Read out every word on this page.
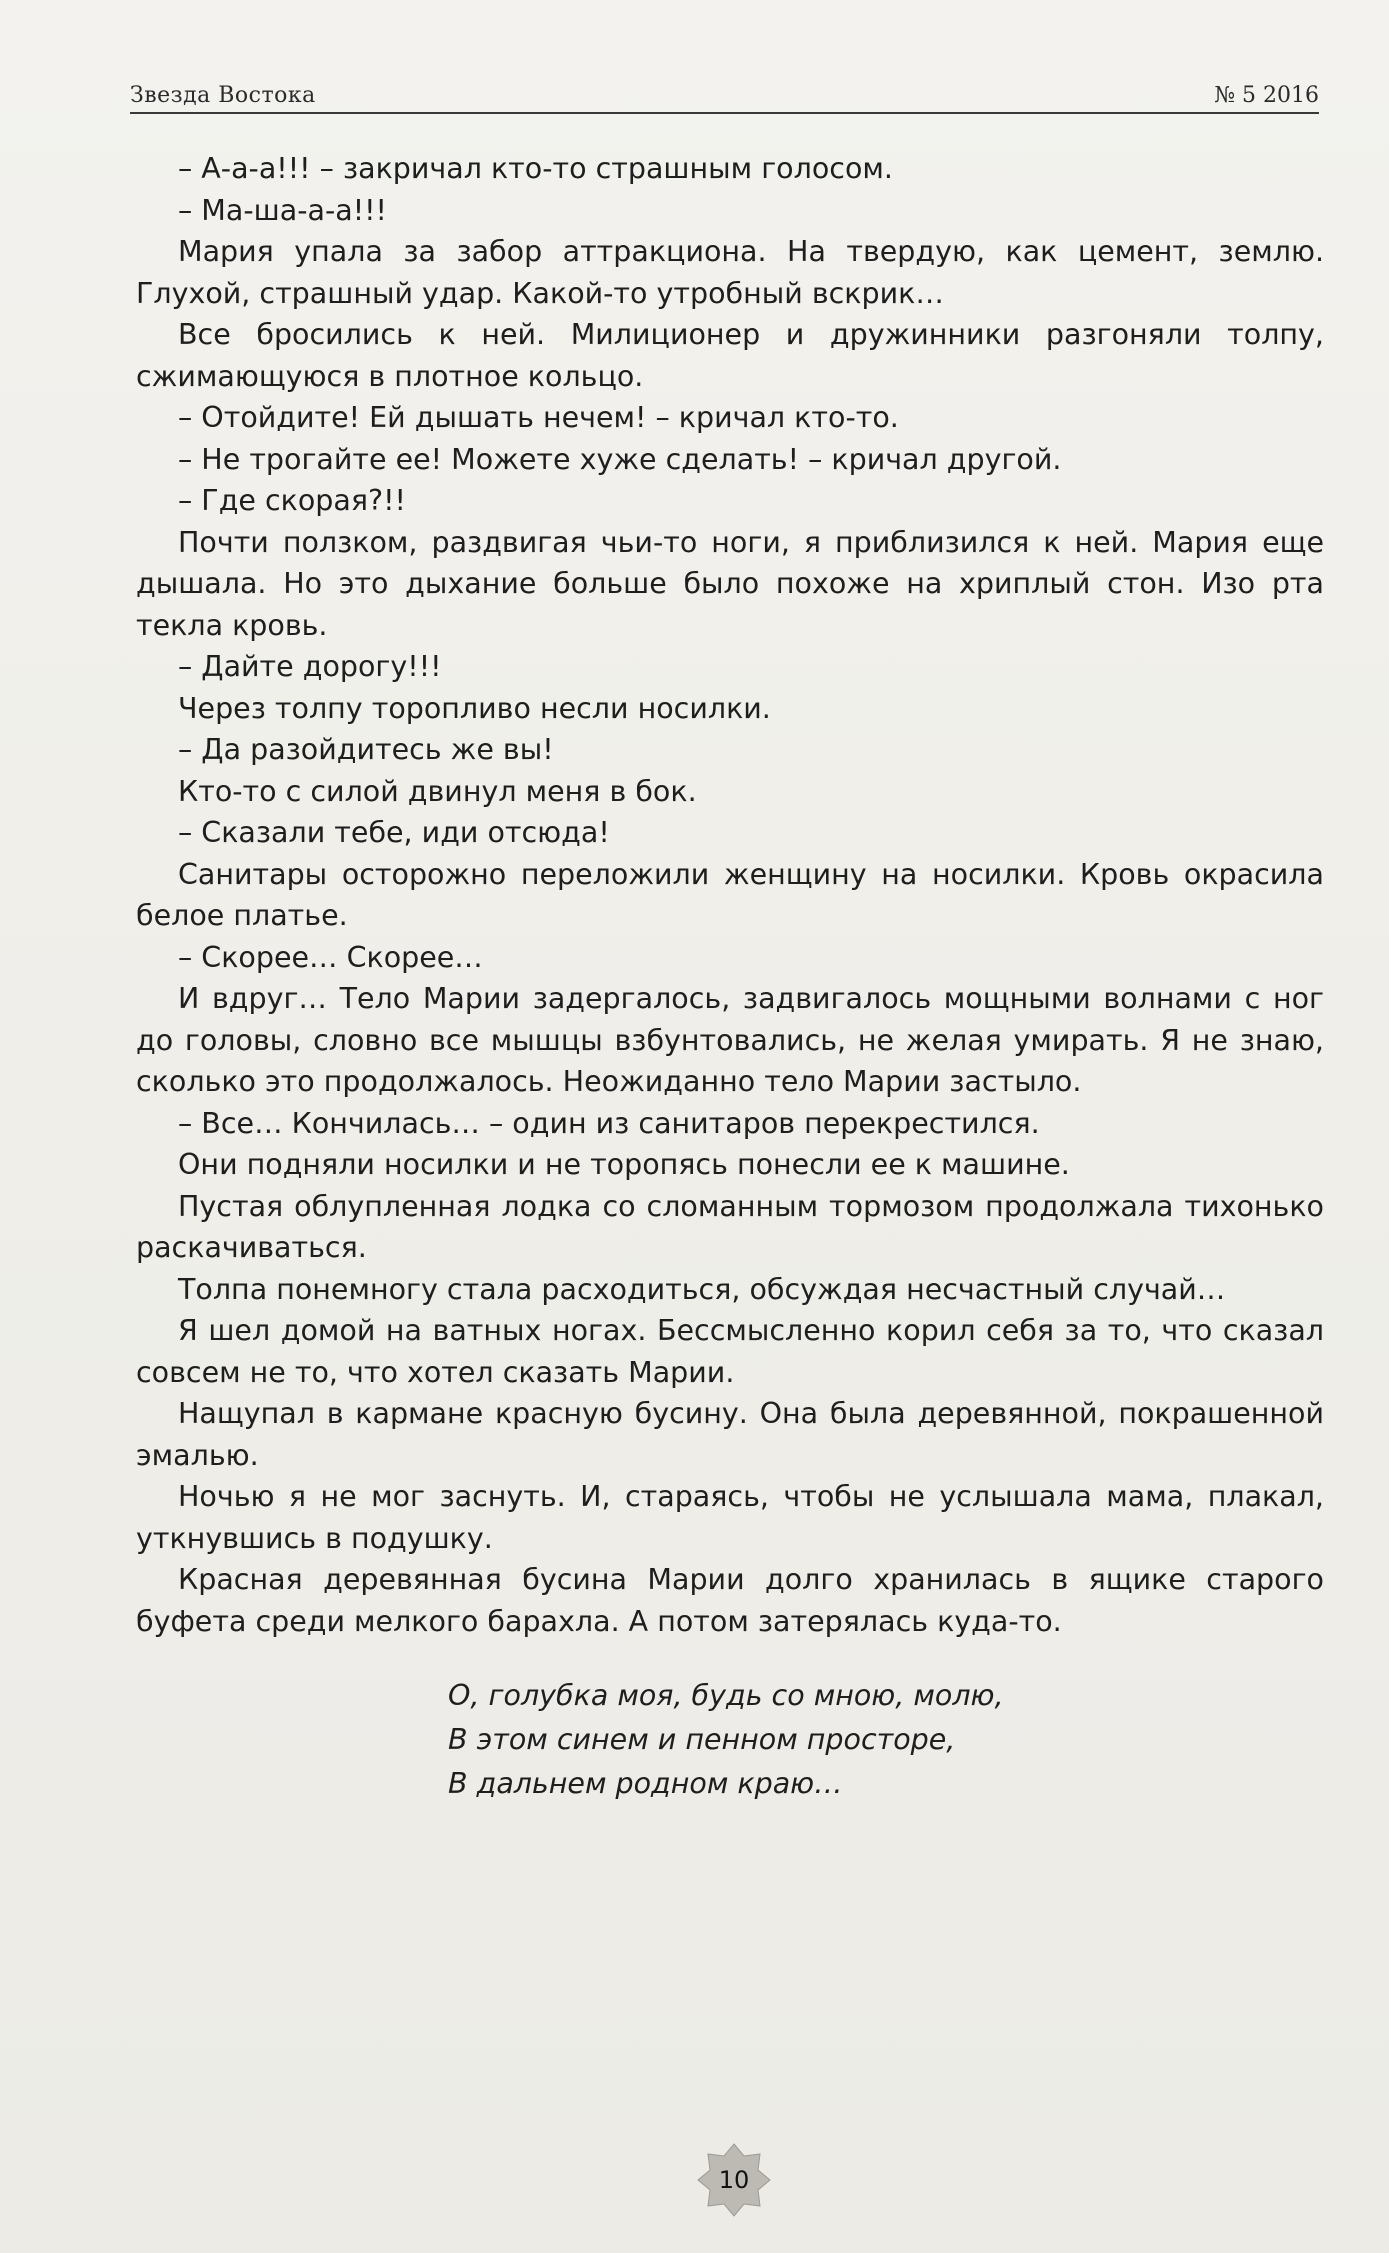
Звезда Востока	№ 5 2016

– А-а-а!!! – закричал кто-то страшным голосом.

– Ма-ша-а-а!!!

Мария упала за забор аттракциона. На твердую, как цемент, землю. Глухой, страшный удар. Какой-то утробный вскрик…

Все бросились к ней. Милиционер и дружинники разгоняли толпу, сжимающуюся в плотное кольцо.

– Отойдите! Ей дышать нечем! – кричал кто-то.

– Не трогайте ее! Можете хуже сделать! – кричал другой.

– Где скорая?!!

Почти ползком, раздвигая чьи-то ноги, я приблизился к ней. Мария еще дышала. Но это дыхание больше было похоже на хриплый стон. Изо рта текла кровь.

– Дайте дорогу!!!

Через толпу торопливо несли носилки.

– Да разойдитесь же вы!

Кто-то с силой двинул меня в бок.

– Сказали тебе, иди отсюда!

Санитары осторожно переложили женщину на носилки. Кровь окрасила белое платье.

– Скорее… Скорее…

И вдруг… Тело Марии задергалось, задвигалось мощными волнами с ног до головы, словно все мышцы взбунтовались, не желая умирать. Я не знаю, сколько это продолжалось. Неожиданно тело Марии застыло.

– Все… Кончилась… – один из санитаров перекрестился.

Они подняли носилки и не торопясь понесли ее к машине.

Пустая облупленная лодка со сломанным тормозом продолжала тихонько раскачиваться.

Толпа понемногу стала расходиться, обсуждая несчастный случай…

Я шел домой на ватных ногах. Бессмысленно корил себя за то, что сказал совсем не то, что хотел сказать Марии.

Нащупал в кармане красную бусину. Она была деревянной, покрашенной эмалью.

Ночью я не мог заснуть. И, стараясь, чтобы не услышала мама, плакал, уткнувшись в подушку.

Красная деревянная бусина Марии долго хранилась в ящике старого буфета среди мелкого барахла. А потом затерялась куда-то.

О, голубка моя, будь со мною, молю,
В этом синем и пенном просторе,
В дальнем родном краю…
10
